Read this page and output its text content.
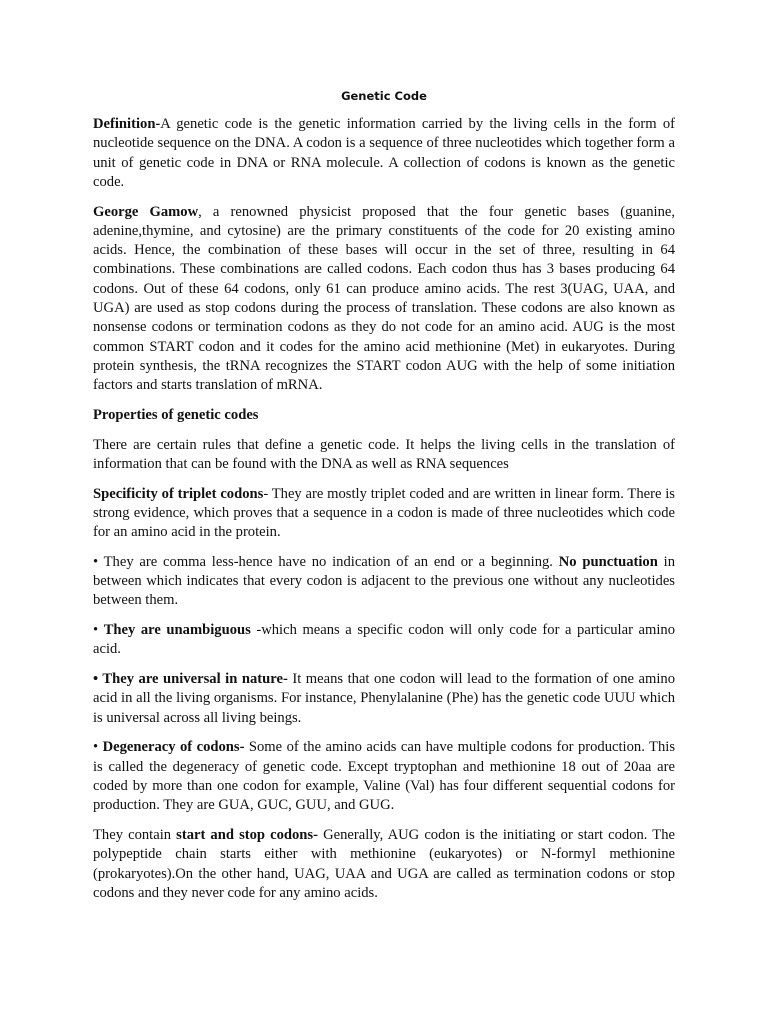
Genetic Code

Definition-A genetic code is the genetic information carried by the living cells in the form of nucleotide sequence on the DNA. A codon is a sequence of three nucleotides which together form a unit of genetic code in DNA or RNA molecule. A collection of codons is known as the genetic code.

George Gamow, a renowned physicist proposed that the four genetic bases (guanine, adenine,thymine, and cytosine) are the primary constituents of the code for 20 existing amino acids. Hence, the combination of these bases will occur in the set of three, resulting in 64 combinations. These combinations are called codons. Each codon thus has 3 bases producing 64 codons. Out of these 64 codons, only 61 can produce amino acids. The rest 3(UAG, UAA, and UGA) are used as stop codons during the process of translation. These codons are also known as nonsense codons or termination codons as they do not code for an amino acid. AUG is the most common START codon and it codes for the amino acid methionine (Met) in eukaryotes. During protein synthesis, the tRNA recognizes the START codon AUG with the help of some initiation factors and starts translation of mRNA.

Properties of genetic codes

There are certain rules that define a genetic code. It helps the living cells in the translation of information that can be found with the DNA as well as RNA sequences

Specificity of triplet codons- They are mostly triplet coded and are written in linear form. There is strong evidence, which proves that a sequence in a codon is made of three nucleotides which code for an amino acid in the protein.

• They are comma less-hence have no indication of an end or a beginning. No punctuation in between which indicates that every codon is adjacent to the previous one without any nucleotides between them.

• They are unambiguous -which means a specific codon will only code for a particular amino acid.

• They are universal in nature- It means that one codon will lead to the formation of one amino acid in all the living organisms. For instance, Phenylalanine (Phe) has the genetic code UUU which is universal across all living beings.

• Degeneracy of codons- Some of the amino acids can have multiple codons for production. This is called the degeneracy of genetic code. Except tryptophan and methionine 18 out of 20aa are coded by more than one codon for example, Valine (Val) has four different sequential codons for production. They are GUA, GUC, GUU, and GUG.

They contain start and stop codons- Generally, AUG codon is the initiating or start codon. The polypeptide chain starts either with methionine (eukaryotes) or N-formyl methionine (prokaryotes).On the other hand, UAG, UAA and UGA are called as termination codons or stop codons and they never code for any amino acids.
